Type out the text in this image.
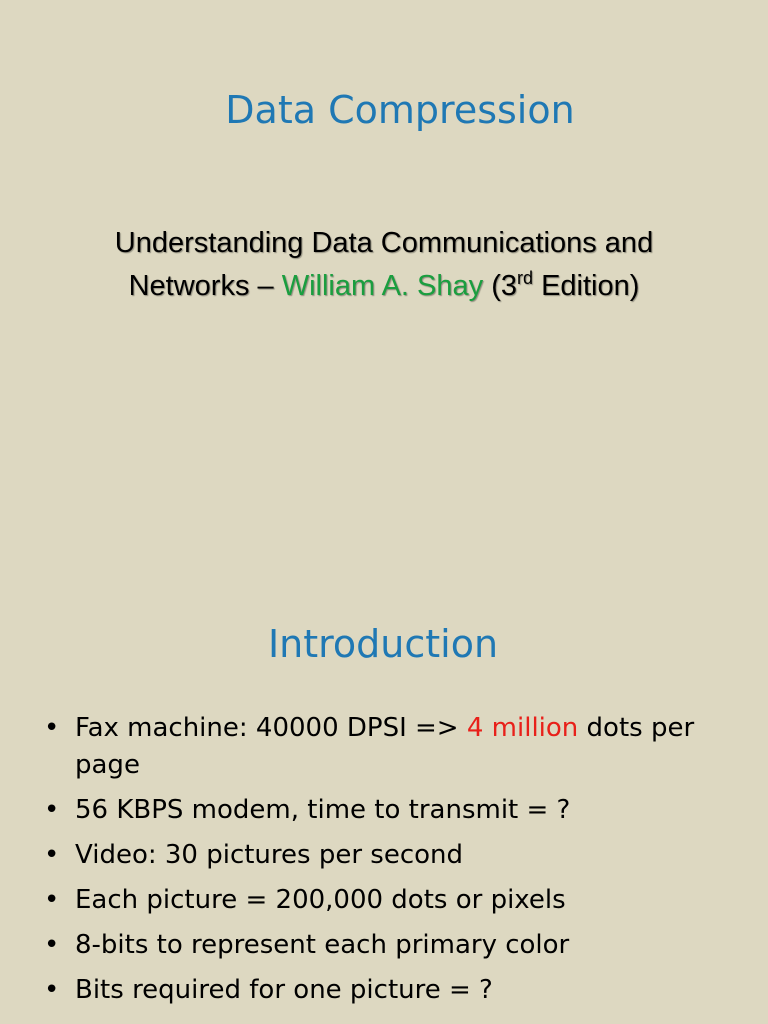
Data Compression
Understanding Data Communications and
Networks – William A. Shay (3rd Edition)
Introduction
• Fax machine: 40000 DPSI => 4 million dots per page
• 56 KBPS modem, time to transmit = ?
• Video: 30 pictures per second
• Each picture = 200,000 dots or pixels
• 8-bits to represent each primary color
• Bits required for one picture = ?
